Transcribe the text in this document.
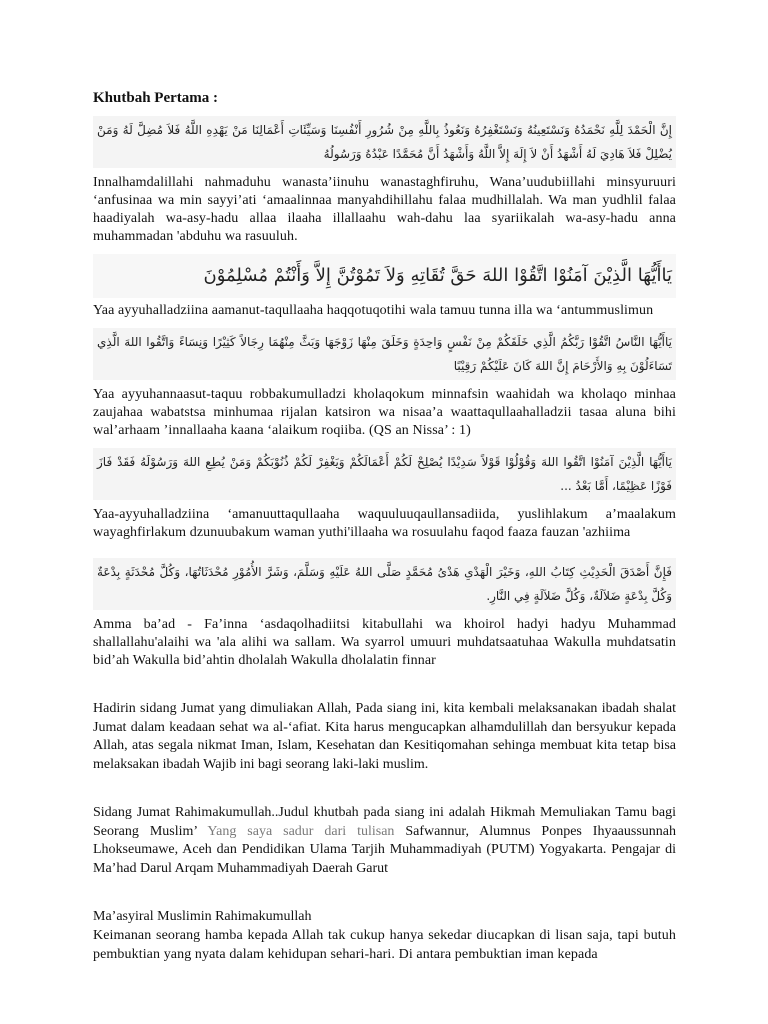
Khutbah Pertama :
إِنَّ الْحَمْدَ لِلَّهِ نَحْمَدُهُ وَنَسْتَعِينُهُ وَنَسْتَغْفِرُهُ وَنَعُوذُ بِاللَّهِ مِنْ شُرُورِ أَنْفُسِنَا وَسَيِّئَاتِ أَعْمَالِنَا مَنْ يَهْدِهِ اللَّهُ فَلاَ مُضِلَّ لَهُ وَمَنْ يُضْلِلْ فَلاَ هَادِيَ لَهُ أَشْهَدُ أَنْ لاَ إِلَهَ إِلاَّ اللَّهُ وَأَشْهَدُ أَنَّ مُحَمَّدًا عَبْدُهُ وَرَسُولُهُ
Innalhamdalillahi nahmaduhu wanasta’iinuhu wanastaghfiruhu, Wana’uudubiillahi minsyuruuri ‘anfusinaa wa min sayyi’ati ‘amaalinnaa manyahdihillahu falaa mudhillalah. Wa man yudhlil falaa haadiyalah wa-asy-hadu allaa ilaaha illallaahu wah-dahu laa syariikalah wa-asy-hadu anna muhammadan 'abduhu wa rasuuluh.
يَاأَيُّهَا الَّذِيْنَ آمَنُوْا اتَّقُوْا اللهَ حَقَّ تُقَاتِهِ وَلاَ تَمُوْتُنَّ إِلاَّ وَأَنْتُمْ مُسْلِمُوْنَ
Yaa ayyuhalladziina aamanut-taqullaaha haqqotuqotihi wala tamuu tunna illa wa ‘antummuslimun
يَاأَيُّهَا النَّاسُ اتَّقُوْا رَبَّكُمُ الَّذِي خَلَقَكُمْ مِنْ نَفْسٍ وَاحِدَةٍ وَخَلَقَ مِنْهَا زَوْجَهَا وَبَثَّ مِنْهُمَا رِجَالاً كَثِيْرًا وَنِسَاءً وَاتَّقُوا اللهَ الَّذِي تَسَاءَلُوْنَ بِهِ وَالأَرْحَامَ إِنَّ اللهَ كَانَ عَلَيْكُمْ رَقِيْبًا
Yaa ayyuhannaasut-taquu robbakumulladzi kholaqokum minnafsin waahidah wa kholaqo minhaa zaujahaa wabatstsa minhumaa rijalan katsiron wa nisaa’a waattaqullaahalladzii tasaa aluna bihi wal’arhaam ’innallaaha kaana ‘alaikum roqiiba. (QS an Nissa’ : 1)
يَاأَيُّهَا الَّذِيْنَ آمَنُوْا اتَّقُوا اللهَ وَقُوْلُوْا قَوْلاً سَدِيْدًا يُصْلِحْ لَكُمْ أَعْمَالَكُمْ وَيَغْفِرْ لَكُمْ ذُنُوْبَكُمْ وَمَنْ يُطِعِ اللهَ وَرَسُوْلَهُ فَقَدْ فَازَ فَوْزًا عَظِيْمًا، أَمَّا بَعْدُ ...
Yaa-ayyuhalladziina ‘amanuuttaqullaaha waquuluuqaullansadiida, yuslihlakum a’maalakum wayaghfirlakum dzunuubakum waman yuthi'illaaha wa rosuulahu faqod faaza fauzan 'azhiima
فَإِنَّ أَصْدَقَ الْحَدِيْثِ كِتَابُ اللهِ، وَخَيْرَ الْهَدْىِ هَدْىُ مُحَمَّدٍ صَلَّى اللهُ عَلَيْهِ وَسَلَّمَ، وَشَرَّ الأُمُوْرِ مُحْدَثَاتُهَا، وَكُلَّ مُحْدَثَةٍ بِدْعَةٌ وَكُلَّ بِدْعَةٍ ضَلاَلَةٌ، وَكُلَّ ضَلاَلَةٍ فِي النَّارِ.
Amma ba’ad - Fa’inna ‘asdaqolhadiitsi kitabullahi wa khoirol hadyi hadyu Muhammad shallallahu'alaihi wa 'ala alihi wa sallam. Wa syarrol umuuri muhdatsaatuhaa Wakulla muhdatsatin bid’ah Wakulla bid’ahtin dholalah Wakulla dholalatin finnar
Hadirin sidang Jumat yang dimuliakan Allah, Pada siang ini, kita kembali melaksanakan ibadah shalat Jumat dalam keadaan sehat wa al-‘afiat. Kita harus mengucapkan alhamdulillah dan bersyukur kepada Allah, atas segala nikmat Iman, Islam, Kesehatan dan Kesitiqomahan sehinga membuat kita tetap bisa melaksakan ibadah Wajib ini bagi seorang laki-laki muslim.
Sidang Jumat Rahimakumullah..Judul khutbah pada siang ini adalah Hikmah Memuliakan Tamu bagi Seorang Muslim’ Yang saya sadur dari tulisan Safwannur, Alumnus Ponpes Ihyaaussunnah Lhokseumawe, Aceh dan Pendidikan Ulama Tarjih Muhammadiyah (PUTM) Yogyakarta. Pengajar di Ma’had Darul Arqam Muhammadiyah Daerah Garut
Ma’asyiral Muslimin Rahimakumullah
Keimanan seorang hamba kepada Allah tak cukup hanya sekedar diucapkan di lisan saja, tapi butuh pembuktian yang nyata dalam kehidupan sehari-hari. Di antara pembuktian iman kepada
